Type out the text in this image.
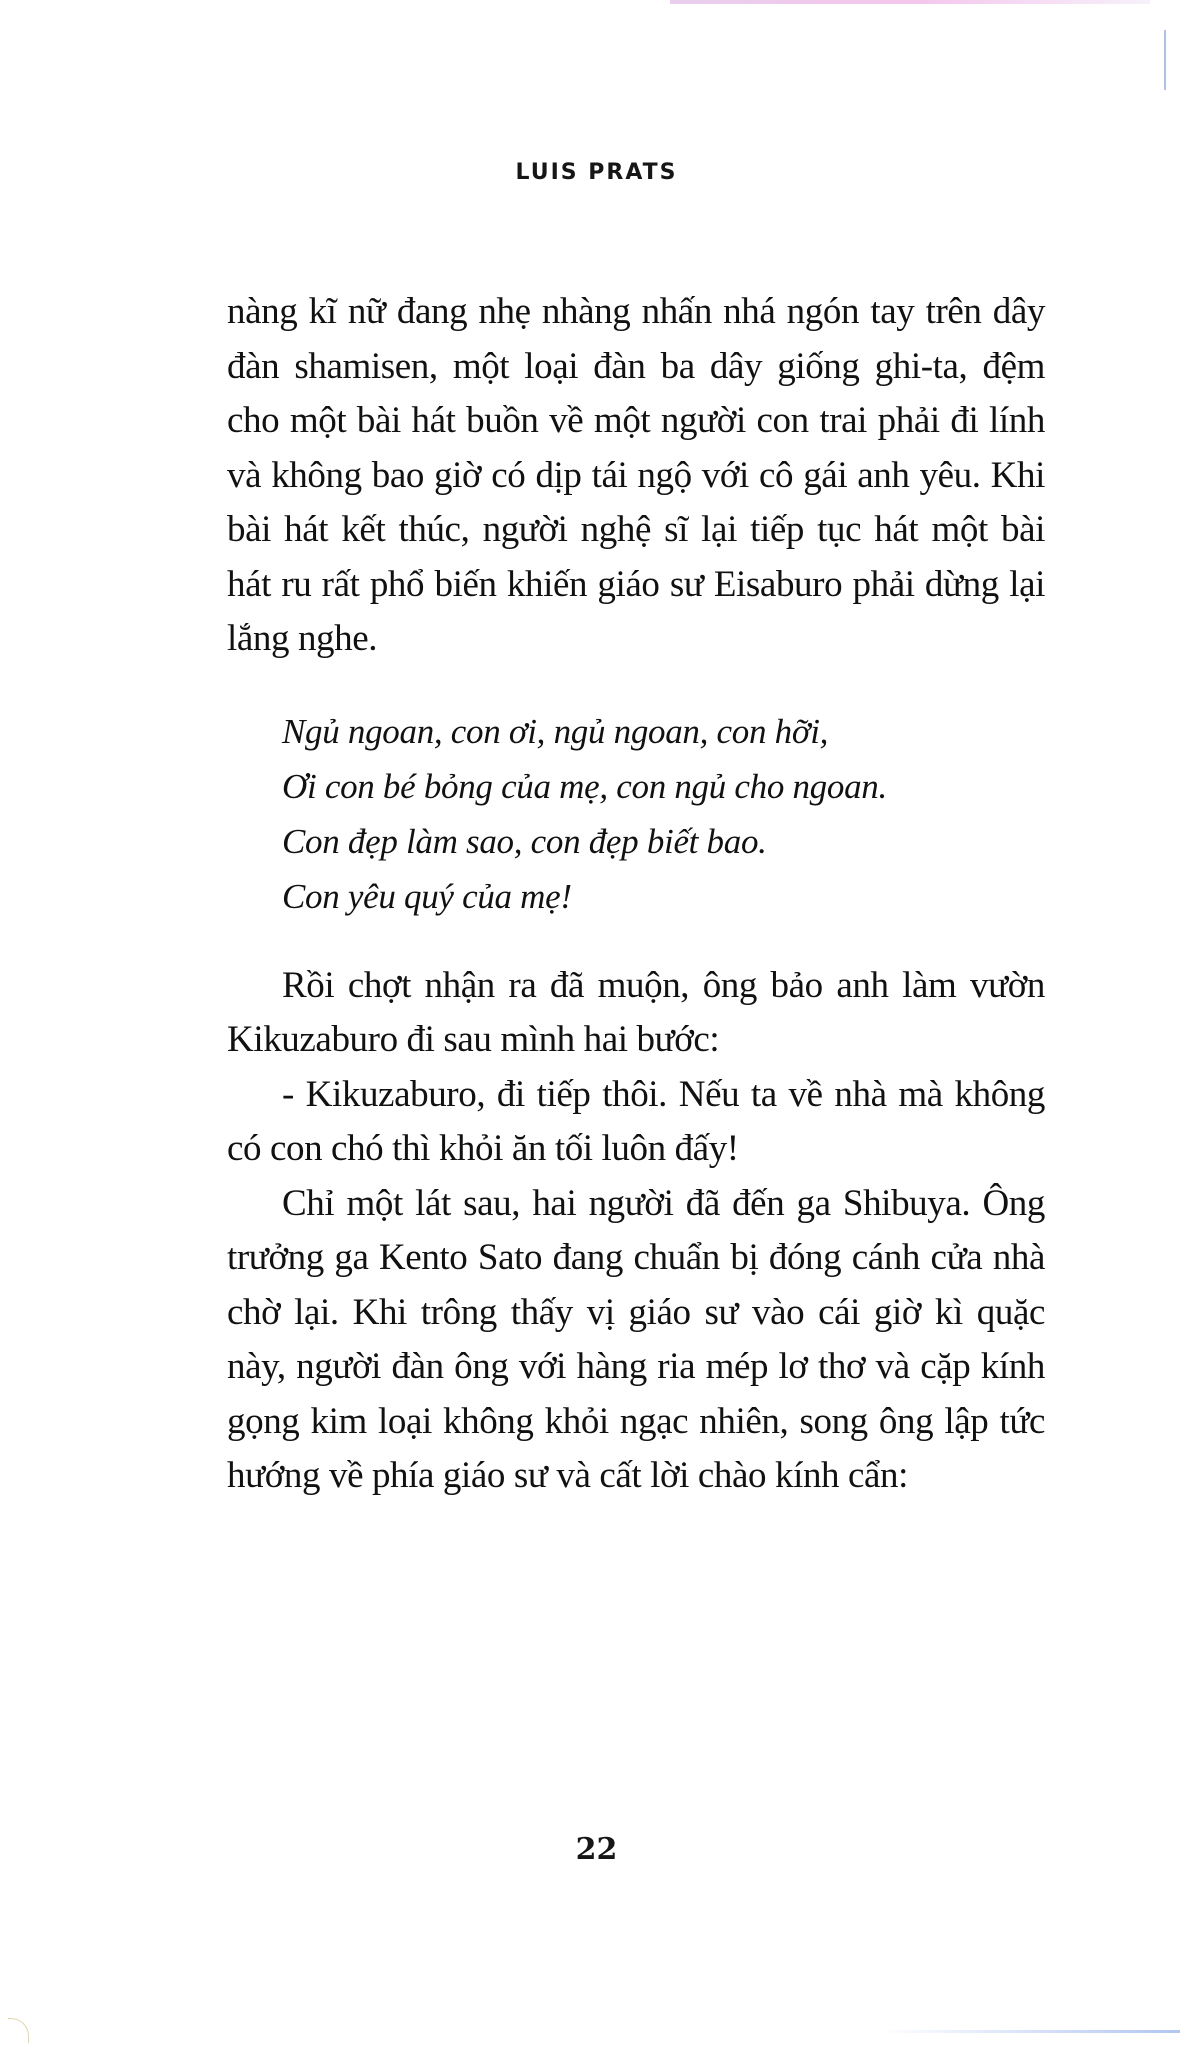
LUIS PRATS

nàng kĩ nữ đang nhẹ nhàng nhấn nhá ngón tay trên dây đàn shamisen, một loại đàn ba dây giống ghi-ta, đệm cho một bài hát buồn về một người con trai phải đi lính và không bao giờ có dịp tái ngộ với cô gái anh yêu. Khi bài hát kết thúc, người nghệ sĩ lại tiếp tục hát một bài hát ru rất phổ biến khiến giáo sư Eisaburo phải dừng lại lắng nghe.

Ngủ ngoan, con ơi, ngủ ngoan, con hỡi,
Ơi con bé bỏng của mẹ, con ngủ cho ngoan.
Con đẹp làm sao, con đẹp biết bao.
Con yêu quý của mẹ!

Rồi chợt nhận ra đã muộn, ông bảo anh làm vườn Kikuzaburo đi sau mình hai bước:

- Kikuzaburo, đi tiếp thôi. Nếu ta về nhà mà không có con chó thì khỏi ăn tối luôn đấy!

Chỉ một lát sau, hai người đã đến ga Shibuya. Ông trưởng ga Kento Sato đang chuẩn bị đóng cánh cửa nhà chờ lại. Khi trông thấy vị giáo sư vào cái giờ kì quặc này, người đàn ông với hàng ria mép lơ thơ và cặp kính gọng kim loại không khỏi ngạc nhiên, song ông lập tức hướng về phía giáo sư và cất lời chào kính cẩn:

22
